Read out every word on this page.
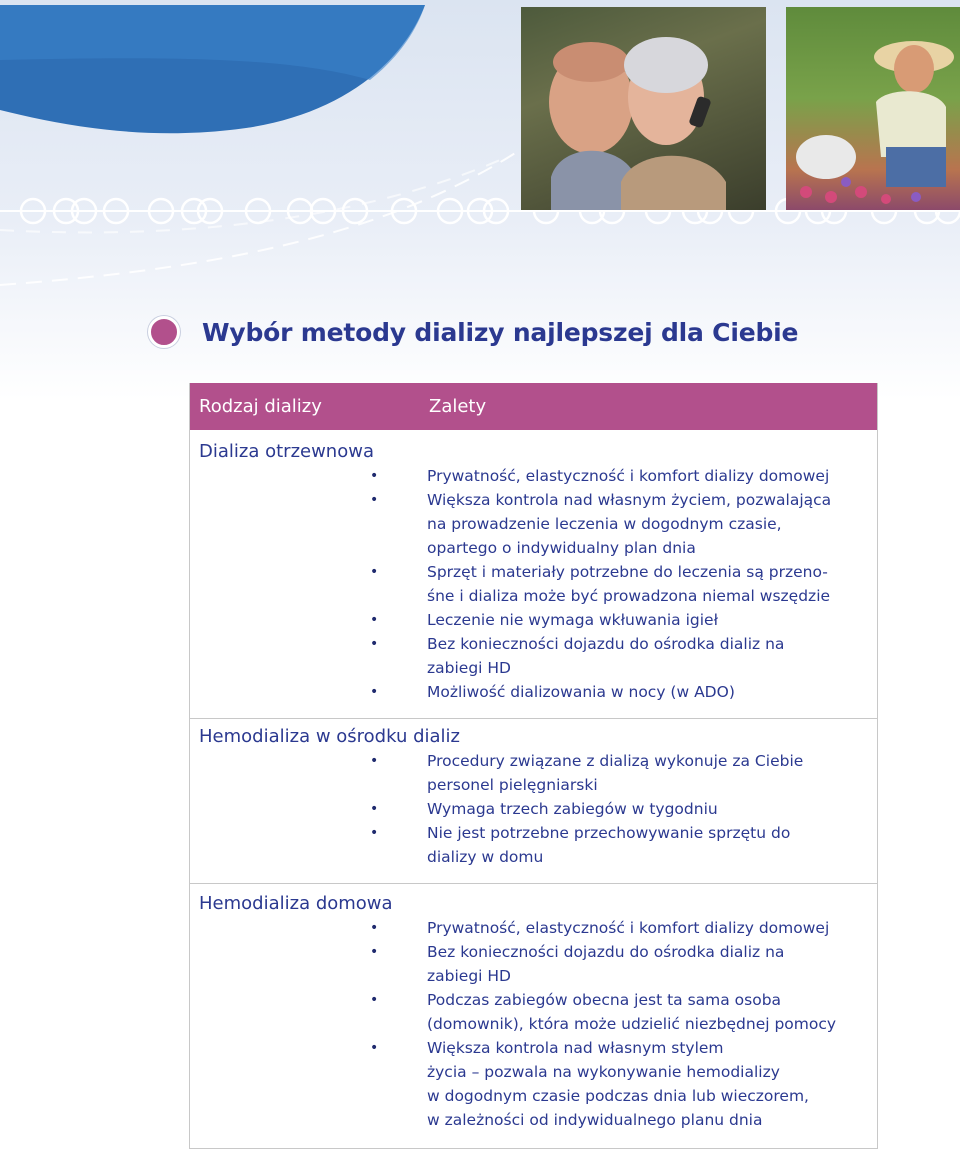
Wybór metody dializy najlepszej dla Ciebie
Rodzaj dializy	Zalety
Dializa otrzewnowa
•	Prywatność, elastyczność i komfort dializy domowej
•	Większa kontrola nad własnym życiem, pozwalająca
na prowadzenie leczenia w dogodnym czasie,
opartego o indywidualny plan dnia
•	Sprzęt i materiały potrzebne do leczenia są przeno-
śne i dializa może być prowadzona niemal wszędzie
•	Leczenie nie wymaga wkłuwania igieł
•	Bez konieczności dojazdu do ośrodka dializ na
zabiegi HD
•	Możliwość dializowania w nocy (w ADO)
Hemodializa w ośrodku dializ
•	Procedury związane z dializą wykonuje za Ciebie
personel pielęgniarski
•	Wymaga trzech zabiegów w tygodniu
•	Nie jest potrzebne przechowywanie sprzętu do
dializy w domu
Hemodializa domowa
•	Prywatność, elastyczność i komfort dializy domowej
•	Bez konieczności dojazdu do ośrodka dializ na
zabiegi HD
•	Podczas zabiegów obecna jest ta sama osoba
(domownik), która może udzielić niezbędnej pomocy
•	Większa kontrola nad własnym stylem
życia – pozwala na wykonywanie hemodializy
w dogodnym czasie podczas dnia lub wieczorem,
w zależności od indywidualnego planu dnia
